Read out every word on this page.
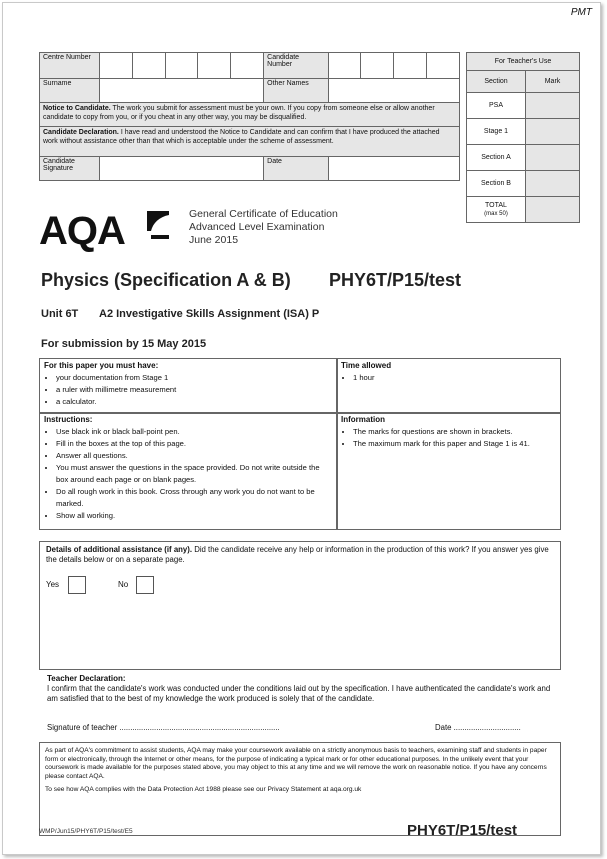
PMT
Centre Number						Candidate Number				
Surname						Other Names				
Notice to Candidate. The work you submit for assessment must be your own. If you copy from someone else or allow another candidate to copy from you, or if you cheat in any other way, you may be disqualified.										
Candidate Declaration. I have read and understood the Notice to Candidate and can confirm that I have produced the attached work without assistance other than that which is acceptable under the scheme of assessment.										
Candidate Signature						Date				
For Teacher's Use	
Section	Mark
PSA	
Stage 1	
Section A	
Section B	
TOTAL
(max 50)	
AQA	General Certificate of Education
Advanced Level Examination
June 2015
Physics (Specification A & B) PHY6T/P15/test
Unit 6T A2 Investigative Skills Assignment (ISA) P
For submission by 15 May 2015
For this paper you must have:
• your documentation from Stage 1
• a ruler with millimetre measurement
• a calculator.
Time allowed
• 1 hour
Instructions:
• Use black ink or black ball-point pen.
• Fill in the boxes at the top of this page.
• Answer all questions.
• You must answer the questions in the space provided. Do not write outside the box around each page or on blank pages.
• Do all rough work in this book. Cross through any work you do not want to be marked.
• Show all working.
Information
• The marks for questions are shown in brackets.
• The maximum mark for this paper and Stage 1 is 41.

Details of additional assistance (if any). Did the candidate receive any help or information in the production of this work? If you answer yes give the details below or on a separate page.

Yes	No
Teacher Declaration:
I confirm that the candidate's work was conducted under the conditions laid out by the specification. I have authenticated the candidate's work and am satisfied that to the best of my knowledge the work produced is solely that of the candidate.
Signature of teacher ..........................................................................	Date ...............................

As part of AQA's commitment to assist students, AQA may make your coursework available on a strictly anonymous basis to teachers, examining staff and students in paper form or electronically, through the Internet or other means, for the purpose of indicating a typical mark or for other educational purposes. In the unlikely event that your coursework is made available for the purposes stated above, you may object to this at any time and we will remove the work on reasonable notice. If you have any concerns please contact AQA.

To see how AQA complies with the Data Protection Act 1988 please see our Privacy Statement at aqa.org.uk

WMP/Jun15/PHY6T/P15/test/E5	PHY6T/P15/test
